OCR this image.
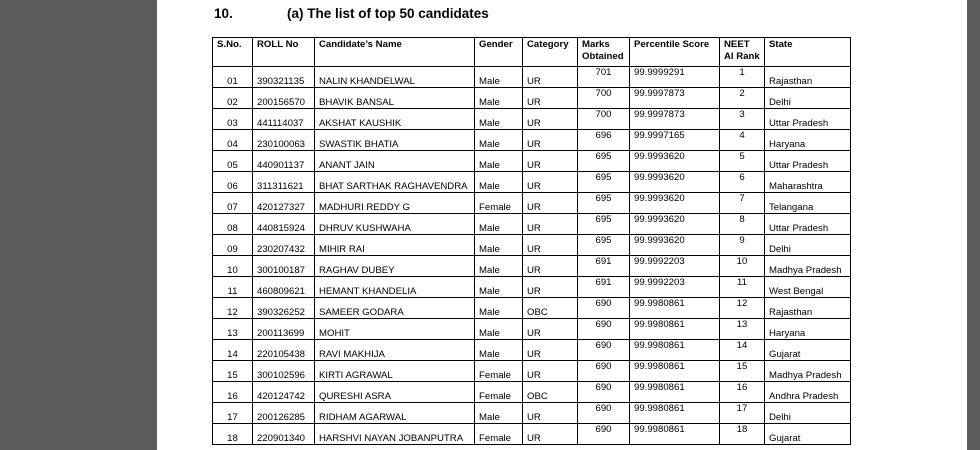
10.	(a) The list of top 50 candidates
S.No.	ROLL No	Candidate’s Name	Gender	Category	Marks Obtained	Percentile Score	NEET AI Rank	State
01	390321135	NALIN KHANDELWAL	Male	UR	701	99.9999291	1	Rajasthan
02	200156570	BHAVIK BANSAL	Male	UR	700	99.9997873	2	Delhi
03	441114037	AKSHAT KAUSHIK	Male	UR	700	99.9997873	3	Uttar Pradesh
04	230100063	SWASTIK BHATIA	Male	UR	696	99.9997165	4	Haryana
05	440901137	ANANT JAIN	Male	UR	695	99.9993620	5	Uttar Pradesh
06	311311621	BHAT SARTHAK RAGHAVENDRA	Male	UR	695	99.9993620	6	Maharashtra
07	420127327	MADHURI REDDY G	Female	UR	695	99.9993620	7	Telangana
08	440815924	DHRUV KUSHWAHA	Male	UR	695	99.9993620	8	Uttar Pradesh
09	230207432	MIHIR RAI	Male	UR	695	99.9993620	9	Delhi
10	300100187	RAGHAV DUBEY	Male	UR	691	99.9992203	10	Madhya Pradesh
11	460809621	HEMANT KHANDELIA	Male	UR	691	99.9992203	11	West Bengal
12	390326252	SAMEER GODARA	Male	OBC	690	99.9980861	12	Rajasthan
13	200113699	MOHIT	Male	UR	690	99.9980861	13	Haryana
14	220105438	RAVI MAKHIJA	Male	UR	690	99.9980861	14	Gujarat
15	300102596	KIRTI AGRAWAL	Female	UR	690	99.9980861	15	Madhya Pradesh
16	420124742	QURESHI ASRA	Female	OBC	690	99.9980861	16	Andhra Pradesh
17	200126285	RIDHAM AGARWAL	Male	UR	690	99.9980861	17	Delhi
18	220901340	HARSHVI NAYAN JOBANPUTRA	Female	UR	690	99.9980861	18	Gujarat
